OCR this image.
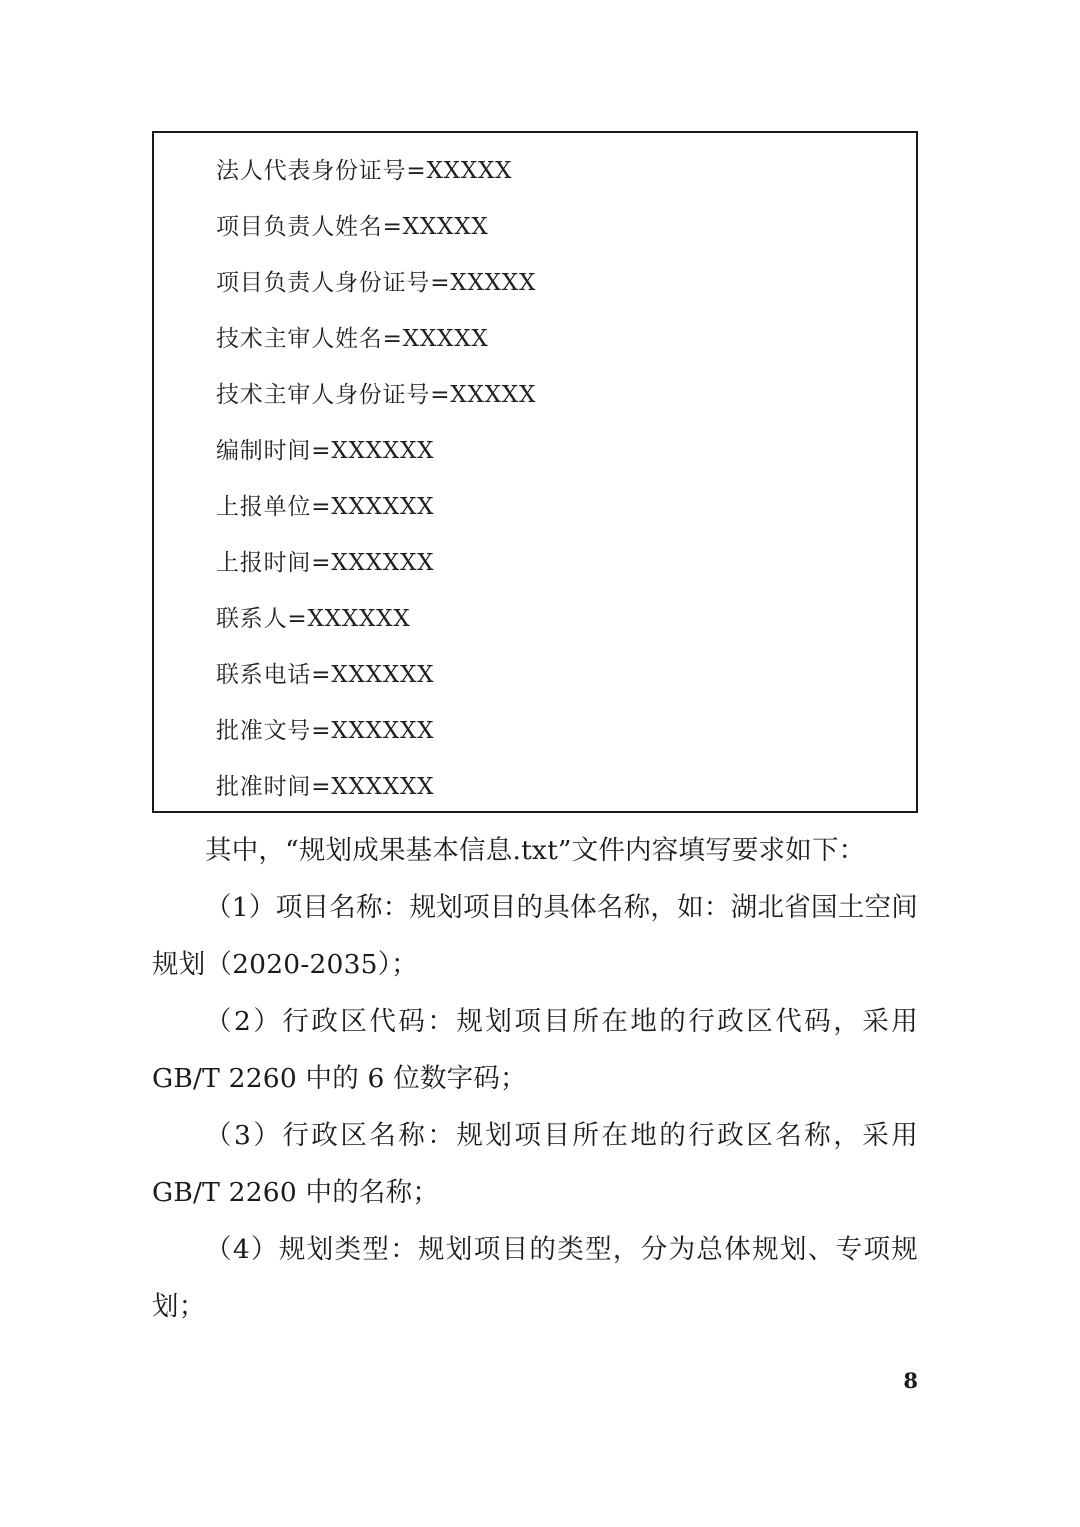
法人代表身份证号=XXXXX
项目负责人姓名=XXXXX
项目负责人身份证号=XXXXX
技术主审人姓名=XXXXX
技术主审人身份证号=XXXXX
编制时间=XXXXXX
上报单位=XXXXXX
上报时间=XXXXXX
联系人=XXXXXX
联系电话=XXXXXX
批准文号=XXXXXX
批准时间=XXXXXX

其中，“规划成果基本信息.txt”文件内容填写要求如下：

（1）项目名称：规划项目的具体名称，如：湖北省国土空间规划（2020-2035）；

（2）行政区代码：规划项目所在地的行政区代码，采用 GB/T 2260 中的 6 位数字码；

（3）行政区名称：规划项目所在地的行政区名称，采用 GB/T 2260 中的名称；

（4）规划类型：规划项目的类型，分为总体规划、专项规划；

8
